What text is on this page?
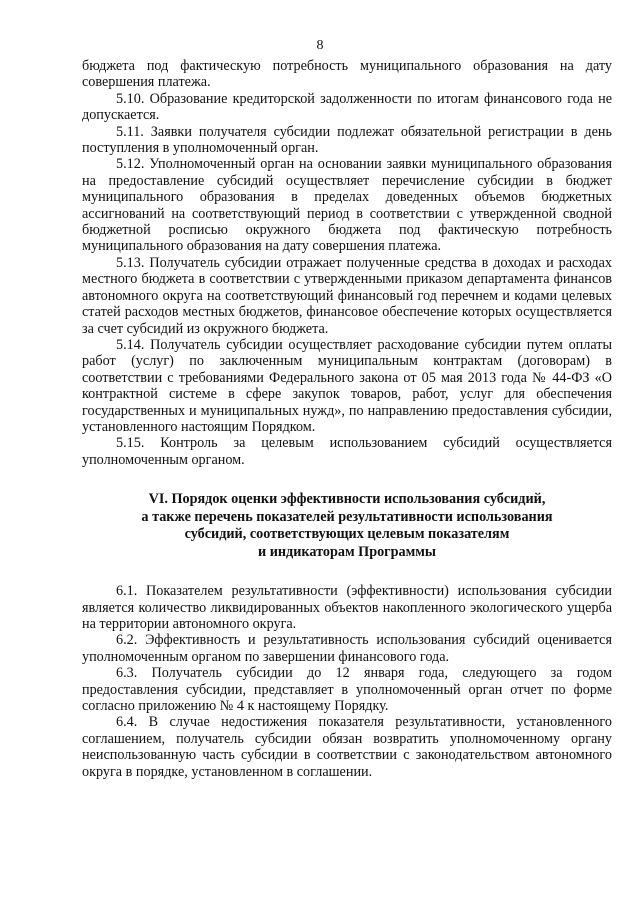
8

бюджета под фактическую потребность муниципального образования на дату совершения платежа.

5.10. Образование кредиторской задолженности по итогам финансового года не допускается.

5.11. Заявки получателя субсидии подлежат обязательной регистрации в день поступления в уполномоченный орган.

5.12. Уполномоченный орган на основании заявки муниципального образования на предоставление субсидий осуществляет перечисление субсидии в бюджет муниципального образования в пределах доведенных объемов бюджетных ассигнований на соответствующий период в соответствии с утвержденной сводной бюджетной росписью окружного бюджета под фактическую потребность муниципального образования на дату совершения платежа.

5.13. Получатель субсидии отражает полученные средства в доходах и расходах местного бюджета в соответствии с утвержденными приказом департамента финансов автономного округа на соответствующий финансовый год перечнем и кодами целевых статей расходов местных бюджетов, финансовое обеспечение которых осуществляется за счет субсидий из окружного бюджета.

5.14. Получатель субсидии осуществляет расходование субсидии путем оплаты работ (услуг) по заключенным муниципальным контрактам (договорам) в соответствии с требованиями Федерального закона от 05 мая 2013 года № 44-ФЗ «О контрактной системе в сфере закупок товаров, работ, услуг для обеспечения государственных и муниципальных нужд», по направлению предоставления субсидии, установленного настоящим Порядком.

5.15. Контроль за целевым использованием субсидий осуществляется уполномоченным органом.

VI. Порядок оценки эффективности использования субсидий,
а также перечень показателей результативности использования
субсидий, соответствующих целевым показателям
и индикаторам Программы

6.1. Показателем результативности (эффективности) использования субсидии является количество ликвидированных объектов накопленного экологического ущерба на территории автономного округа.

6.2. Эффективность и результативность использования субсидий оценивается уполномоченным органом по завершении финансового года.

6.3. Получатель субсидии до 12 января года, следующего за годом предоставления субсидии, представляет в уполномоченный орган отчет по форме согласно приложению № 4 к настоящему Порядку.

6.4. В случае недостижения показателя результативности, установленного соглашением, получатель субсидии обязан возвратить уполномоченному органу неиспользованную часть субсидии в соответствии с законодательством автономного округа в порядке, установленном в соглашении.
